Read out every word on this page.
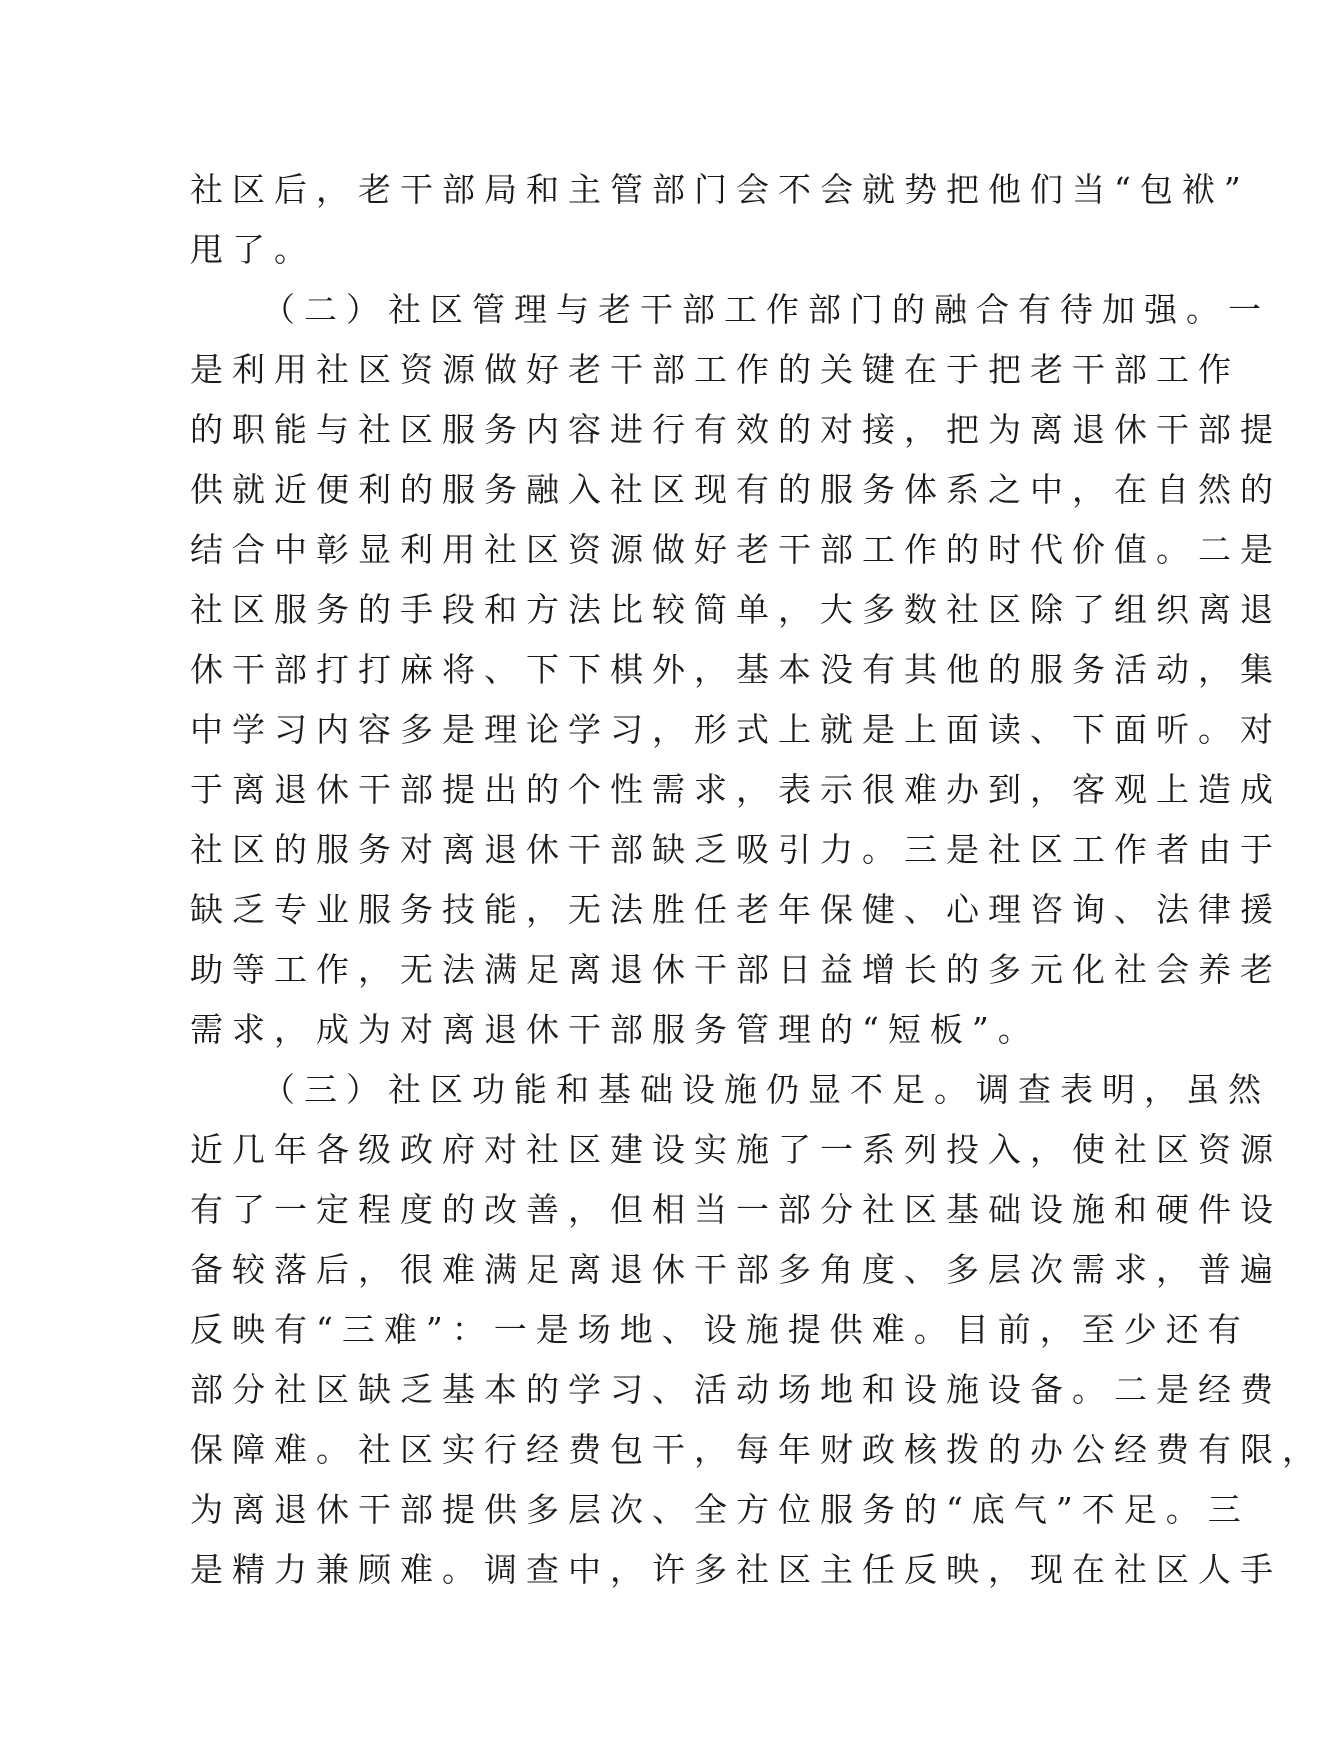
社区后，老干部局和主管部门会不会就势把他们当“包袱”
甩了。
（二）社区管理与老干部工作部门的融合有待加强。一
是利用社区资源做好老干部工作的关键在于把老干部工作
的职能与社区服务内容进行有效的对接，把为离退休干部提
供就近便利的服务融入社区现有的服务体系之中，在自然的
结合中彰显利用社区资源做好老干部工作的时代价值。二是
社区服务的手段和方法比较简单，大多数社区除了组织离退
休干部打打麻将、下下棋外，基本没有其他的服务活动，集
中学习内容多是理论学习，形式上就是上面读、下面听。对
于离退休干部提出的个性需求，表示很难办到，客观上造成
社区的服务对离退休干部缺乏吸引力。三是社区工作者由于
缺乏专业服务技能，无法胜任老年保健、心理咨询、法律援
助等工作，无法满足离退休干部日益增长的多元化社会养老
需求，成为对离退休干部服务管理的“短板”。
（三）社区功能和基础设施仍显不足。调查表明，虽然
近几年各级政府对社区建设实施了一系列投入，使社区资源
有了一定程度的改善，但相当一部分社区基础设施和硬件设
备较落后，很难满足离退休干部多角度、多层次需求，普遍
反映有“三难”：一是场地、设施提供难。目前，至少还有
部分社区缺乏基本的学习、活动场地和设施设备。二是经费
保障难。社区实行经费包干，每年财政核拨的办公经费有限，
为离退休干部提供多层次、全方位服务的“底气”不足。三
是精力兼顾难。调查中，许多社区主任反映，现在社区人手
